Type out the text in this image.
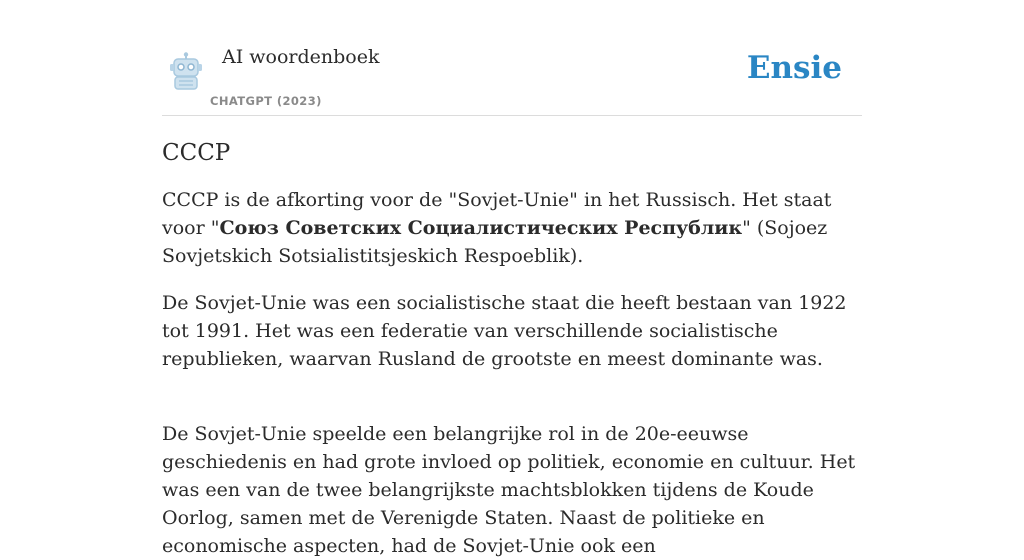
AI woordenboek
CHATGPT (2023)
Ensie
CCCP

CCCP is de afkorting voor de "Sovjet-Unie" in het Russisch. Het staat voor "Союз Советских Социалистических Республик" (Sojoez Sovjetskich Sotsialistitsjeskich Respoeblik).

De Sovjet-Unie was een socialistische staat die heeft bestaan van 1922 tot 1991. Het was een federatie van verschillende socialistische republieken, waarvan Rusland de grootste en meest dominante was.

De Sovjet-Unie speelde een belangrijke rol in de 20e-eeuwse geschiedenis en had grote invloed op politiek, economie en cultuur. Het was een van de twee belangrijkste machtsblokken tijdens de Koude Oorlog, samen met de Verenigde Staten. Naast de politieke en economische aspecten, had de Sovjet-Unie ook een
